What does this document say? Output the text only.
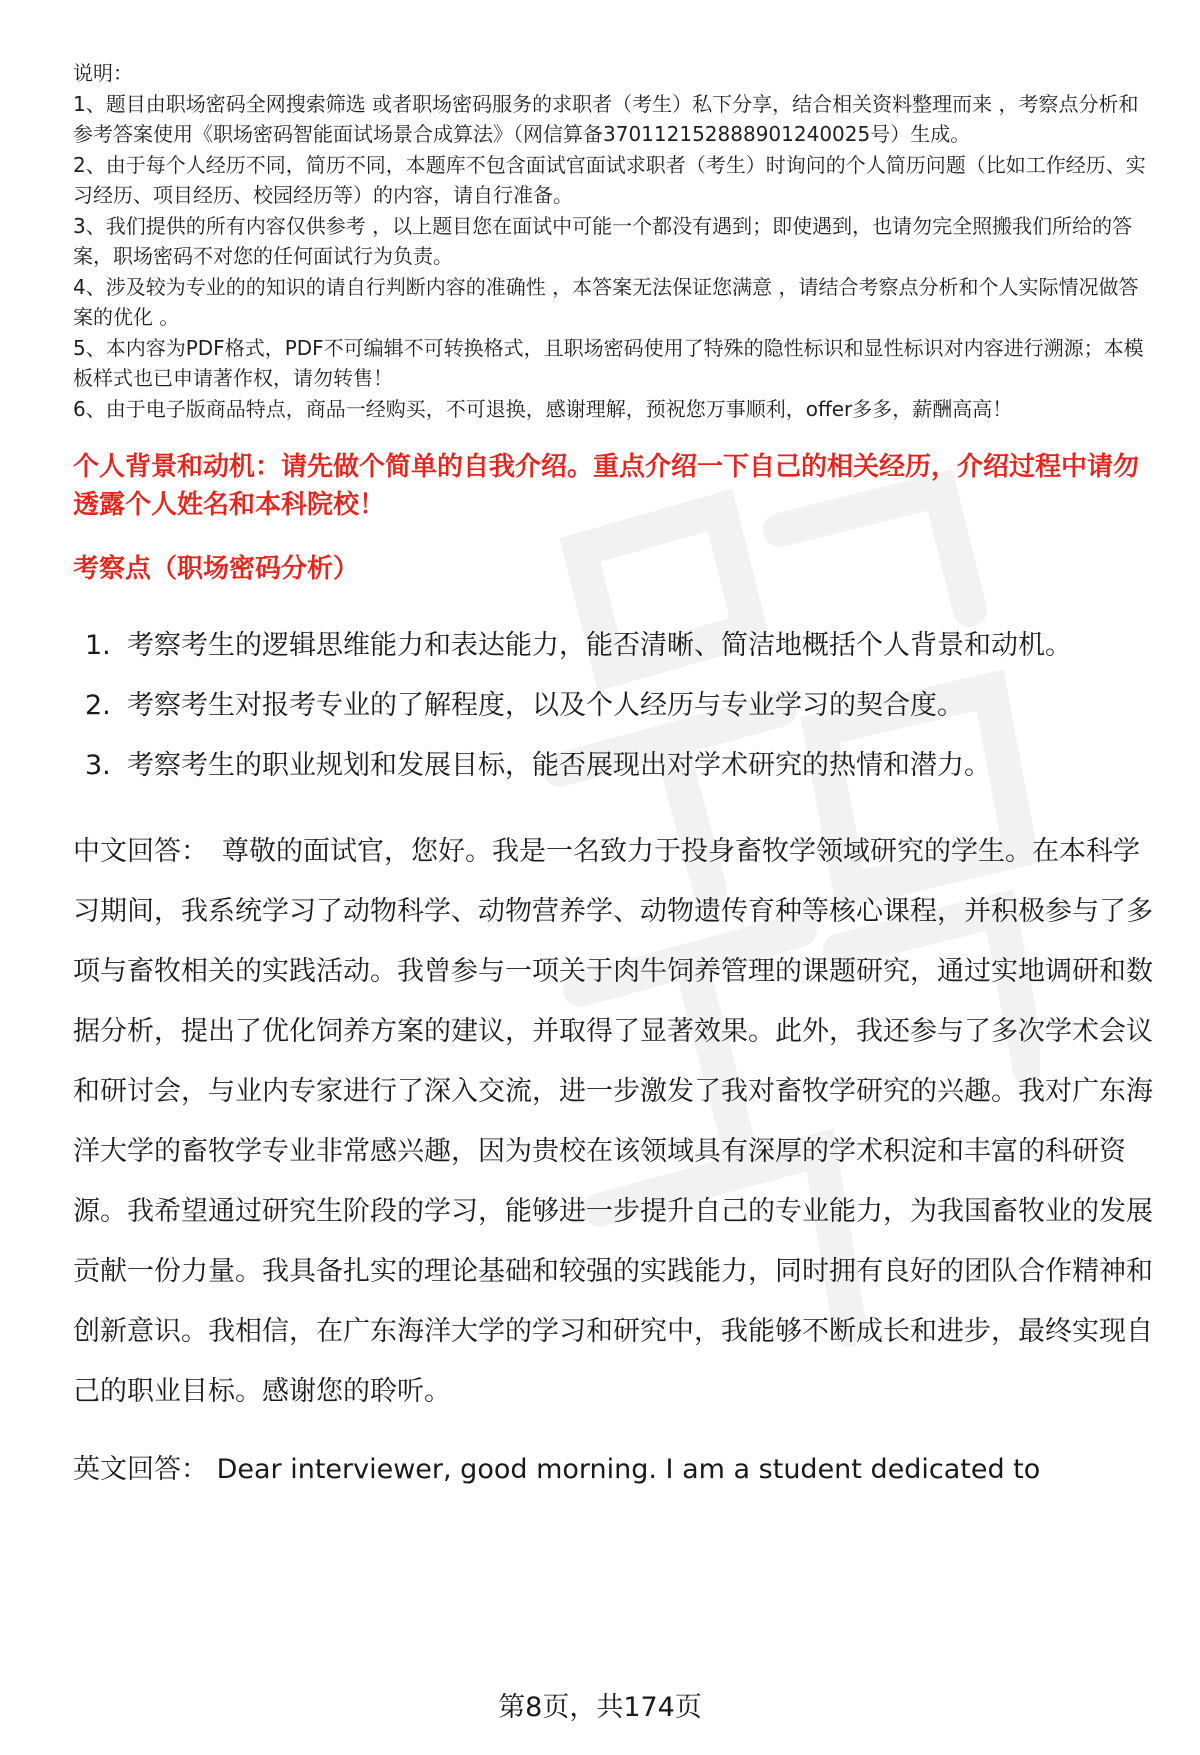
说明：

1、题目由职场密码全网搜索筛选 或者职场密码服务的求职者（考生）私下分享，结合相关资料整理而来 ，考察点分析和参考答案使用《职场密码智能面试场景合成算法》（网信算备370112152888901240025号）生成。

2、由于每个人经历不同，简历不同，本题库不包含面试官面试求职者（考生）时询问的个人简历问题（比如工作经历、实习经历、项目经历、校园经历等）的内容，请自行准备。

3、我们提供的所有内容仅供参考 ，以上题目您在面试中可能一个都没有遇到；即使遇到，也请勿完全照搬我们所给的答案，职场密码不对您的任何面试行为负责。

4、涉及较为专业的的知识的请自行判断内容的准确性 ，本答案无法保证您满意 ，请结合考察点分析和个人实际情况做答案的优化 。

5、本内容为PDF格式，PDF不可编辑不可转换格式，且职场密码使用了特殊的隐性标识和显性标识对内容进行溯源；本模板样式也已申请著作权，请勿转售！

6、由于电子版商品特点，商品一经购买，不可退换，感谢理解，预祝您万事顺利，offer多多，薪酬高高！

个人背景和动机：请先做个简单的自我介绍。重点介绍一下自己的相关经历，介绍过程中请勿透露个人姓名和本科院校！
考察点（职场密码分析）
1. 考察考生的逻辑思维能力和表达能力，能否清晰、简洁地概括个人背景和动机。
2. 考察考生对报考专业的了解程度，以及个人经历与专业学习的契合度。
3. 考察考生的职业规划和发展目标，能否展现出对学术研究的热情和潜力。
中文回答： 尊敬的面试官，您好。我是一名致力于投身畜牧学领域研究的学生。在本科学习期间，我系统学习了动物科学、动物营养学、动物遗传育种等核心课程，并积极参与了多项与畜牧相关的实践活动。我曾参与一项关于肉牛饲养管理的课题研究，通过实地调研和数据分析，提出了优化饲养方案的建议，并取得了显著效果。此外，我还参与了多次学术会议和研讨会，与业内专家进行了深入交流，进一步激发了我对畜牧学研究的兴趣。我对广东海洋大学的畜牧学专业非常感兴趣，因为贵校在该领域具有深厚的学术积淀和丰富的科研资源。我希望通过研究生阶段的学习，能够进一步提升自己的专业能力，为我国畜牧业的发展贡献一份力量。我具备扎实的理论基础和较强的实践能力，同时拥有良好的团队合作精神和创新意识。我相信，在广东海洋大学的学习和研究中，我能够不断成长和进步，最终实现自己的职业目标。感谢您的聆听。
英文回答： Dear interviewer, good morning. I am a student dedicated to
第8页，共174页
